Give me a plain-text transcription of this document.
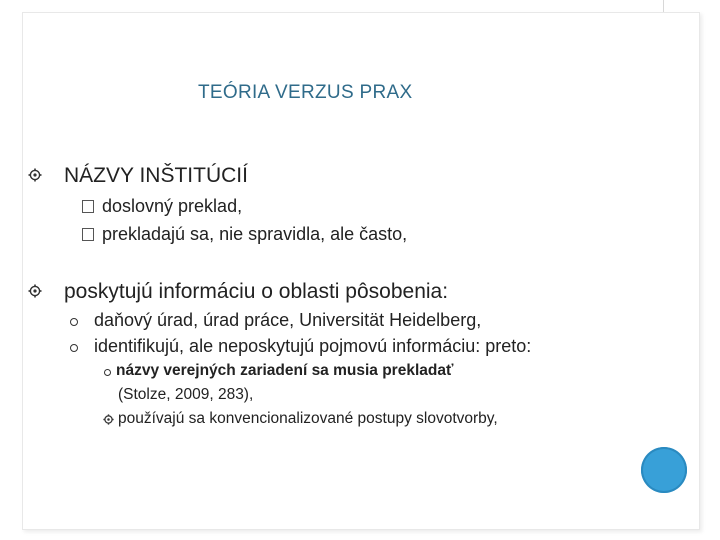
TEÓRIA VERZUS PRAX
NÁZVY INŠTITÚCIÍ
doslovný preklad,
prekladajú sa, nie spravidla, ale často,
poskytujú informáciu o oblasti pôsobenia:
daňový úrad, úrad práce, Universität Heidelberg,
identifikujú, ale neposkytujú pojmovú informáciu: preto:
názvy verejných zariadení sa musia prekladať
(Stolze, 2009, 283),
používajú sa konvencionalizované postupy slovotvorby,
